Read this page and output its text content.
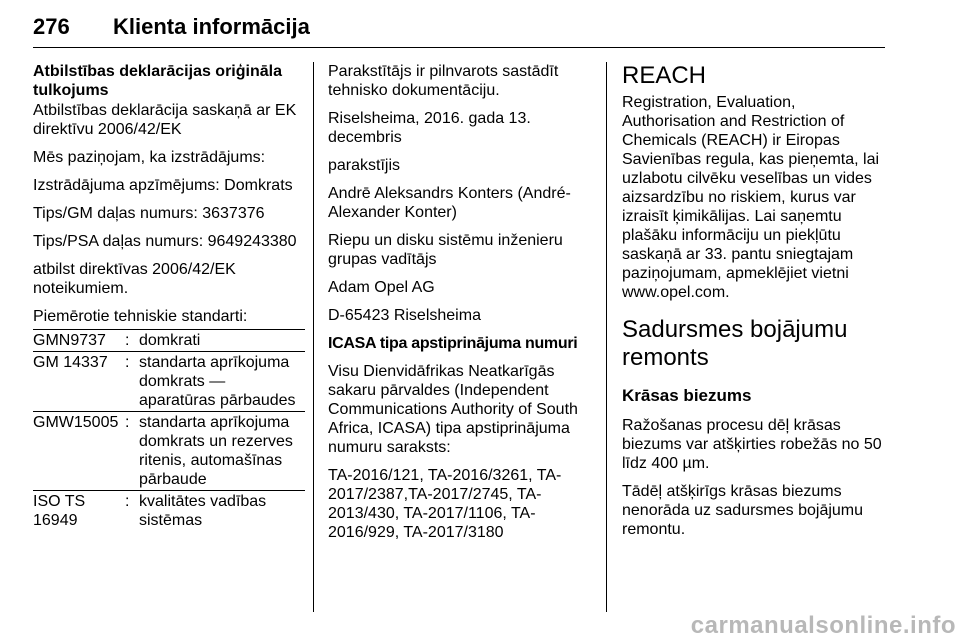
276 Klienta informācija

Atbilstības deklarācijas oriģināla tulkojums

Atbilstības deklarācija saskaņā ar EK direktīvu 2006/42/EK

Mēs paziņojam, ka izstrādājums:

Izstrādājuma apzīmējums: Domkrats

Tips/GM daļas numurs: 3637376

Tips/PSA daļas numurs: 9649243380

atbilst direktīvas 2006/42/EK noteikumiem.

Piemērotie tehniskie standarti:

GMN9737	: domkrati
GM 14337	: standarta aprīkojuma domkrats — aparatūras pārbaudes
GMW15005 : standarta aprīkojuma domkrats un rezerves ritenis, automašīnas pārbaude
ISO TS 16949
: kvalitātes vadības sistēmas

Parakstītājs ir pilnvarots sastādīt tehnisko dokumentāciju.

Riselsheima, 2016. gada 13. decembris

parakstījis

Andrē Aleksandrs Konters (André-Alexander Konter)

Riepu un disku sistēmu inženieru grupas vadītājs

Adam Opel AG

D-65423 Riselsheima

ICASA tipa apstiprinājuma numuri

Visu Dienvidāfrikas Neatkarīgās sakaru pārvaldes (Independent Communications Authority of South Africa, ICASA) tipa apstiprinājuma numuru saraksts:

TA-2016/121, TA-2016/3261, TA-2017/2387,TA-2017/2745, TA-2013/430, TA-2017/1106, TA-2016/929, TA-2017/3180

REACH

Registration, Evaluation, Authorisation and Restriction of Chemicals (REACH) ir Eiropas Savienības regula, kas pieņemta, lai uzlabotu cilvēku veselības un vides aizsardzību no riskiem, kurus var izraisīt ķimikālijas. Lai saņemtu plašāku informāciju un piekļūtu saskaņā ar 33. pantu sniegtajam paziņojumam, apmeklējiet vietni www.opel.com.

Sadursmes bojājumu remonts

Krāsas biezums

Ražošanas procesu dēļ krāsas biezums var atšķirties robežās no 50 līdz 400 µm.

Tādēļ atšķirīgs krāsas biezums nenorāda uz sadursmes bojājumu remontu.

carmanualsonline.info
